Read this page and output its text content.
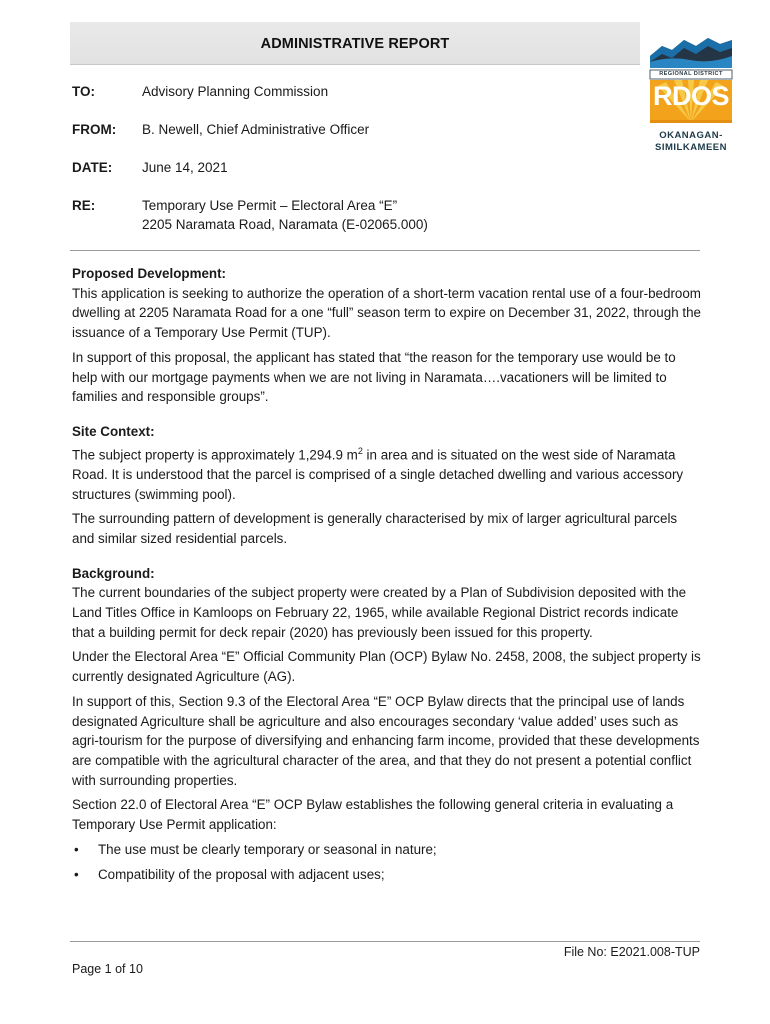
ADMINISTRATIVE REPORT
REGIONAL DISTRICT
RDOS
OKANAGAN-
SIMILKAMEEN
TO:	Advisory Planning Commission
FROM: B. Newell, Chief Administrative Officer
DATE: June 14, 2021
RE:	Temporary Use Permit – Electoral Area “E”
2205 Naramata Road, Naramata (E-02065.000)
Proposed Development:

This application is seeking to authorize the operation of a short-term vacation rental use of a four-bedroom dwelling at 2205 Naramata Road for a one “full” season term to expire on December 31, 2022, through the issuance of a Temporary Use Permit (TUP).

In support of this proposal, the applicant has stated that “the reason for the temporary use would be to help with our mortgage payments when we are not living in Naramata….vacationers will be limited to families and responsible groups”.

Site Context:

The subject property is approximately 1,294.9 $m^2$ in area and is situated on the west side of Naramata Road. It is understood that the parcel is comprised of a single detached dwelling and various accessory structures (swimming pool).

The surrounding pattern of development is generally characterised by mix of larger agricultural parcels and similar sized residential parcels.

Background:

The current boundaries of the subject property were created by a Plan of Subdivision deposited with the Land Titles Office in Kamloops on February 22, 1965, while available Regional District records indicate that a building permit for deck repair (2020) has previously been issued for this property.

Under the Electoral Area “E” Official Community Plan (OCP) Bylaw No. 2458, 2008, the subject property is currently designated Agriculture (AG).

In support of this, Section 9.3 of the Electoral Area “E” OCP Bylaw directs that the principal use of lands designated Agriculture shall be agriculture and also encourages secondary ‘value added’ uses such as agri-tourism for the purpose of diversifying and enhancing farm income, provided that these developments are compatible with the agricultural character of the area, and that they do not present a potential conflict with surrounding properties.

Section 22.0 of Electoral Area “E” OCP Bylaw establishes the following general criteria in evaluating a Temporary Use Permit application:

• The use must be clearly temporary or seasonal in nature;
• Compatibility of the proposal with adjacent uses;
File No: E2021.008-TUP
Page 1 of 10
